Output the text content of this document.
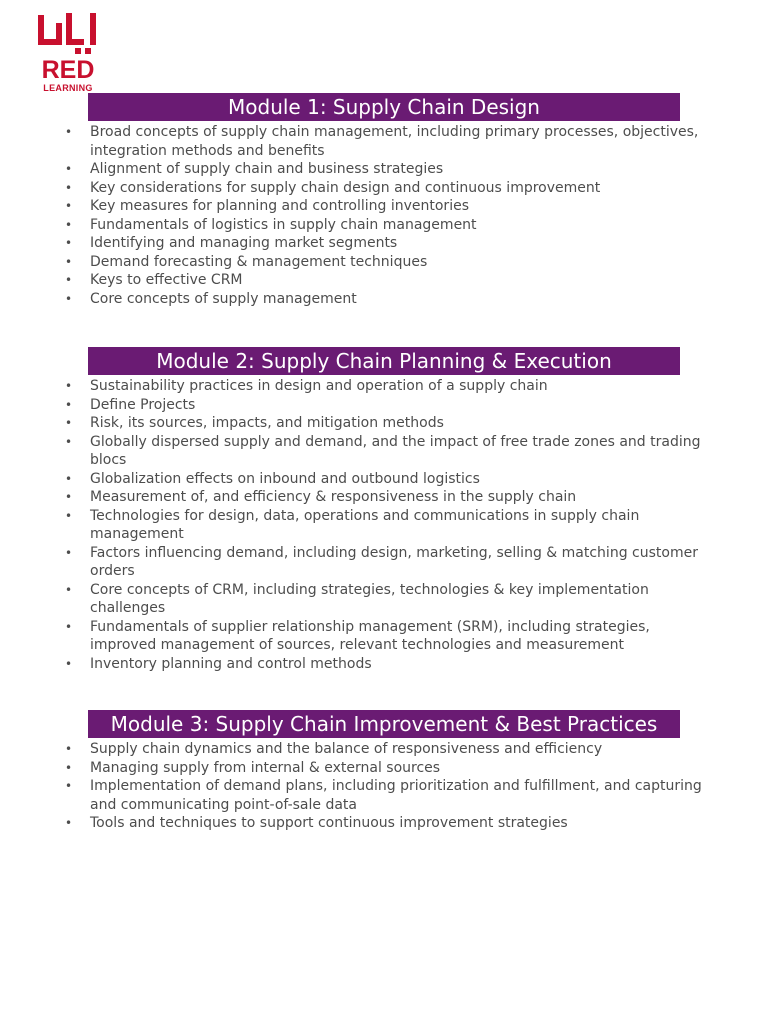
RED
LEARNING
Module 1: Supply Chain Design
• Broad concepts of supply chain management, including primary processes, objectives, integration methods and benefits
• Alignment of supply chain and business strategies
• Key considerations for supply chain design and continuous improvement
• Key measures for planning and controlling inventories
• Fundamentals of logistics in supply chain management
• Identifying and managing market segments
• Demand forecasting & management techniques
• Keys to effective CRM
• Core concepts of supply management
Module 2: Supply Chain Planning & Execution
• Sustainability practices in design and operation of a supply chain
• Define Projects
• Risk, its sources, impacts, and mitigation methods
• Globally dispersed supply and demand, and the impact of free trade zones and trading blocs
• Globalization effects on inbound and outbound logistics
• Measurement of, and efficiency & responsiveness in the supply chain
• Technologies for design, data, operations and communications in supply chain management
• Factors influencing demand, including design, marketing, selling & matching customer orders
• Core concepts of CRM, including strategies, technologies & key implementation challenges
• Fundamentals of supplier relationship management (SRM), including strategies, improved management of sources, relevant technologies and measurement
• Inventory planning and control methods
Module 3: Supply Chain Improvement & Best Practices
• Supply chain dynamics and the balance of responsiveness and efficiency
• Managing supply from internal & external sources
• Implementation of demand plans, including prioritization and fulfillment, and capturing and communicating point-of-sale data
• Tools and techniques to support continuous improvement strategies
